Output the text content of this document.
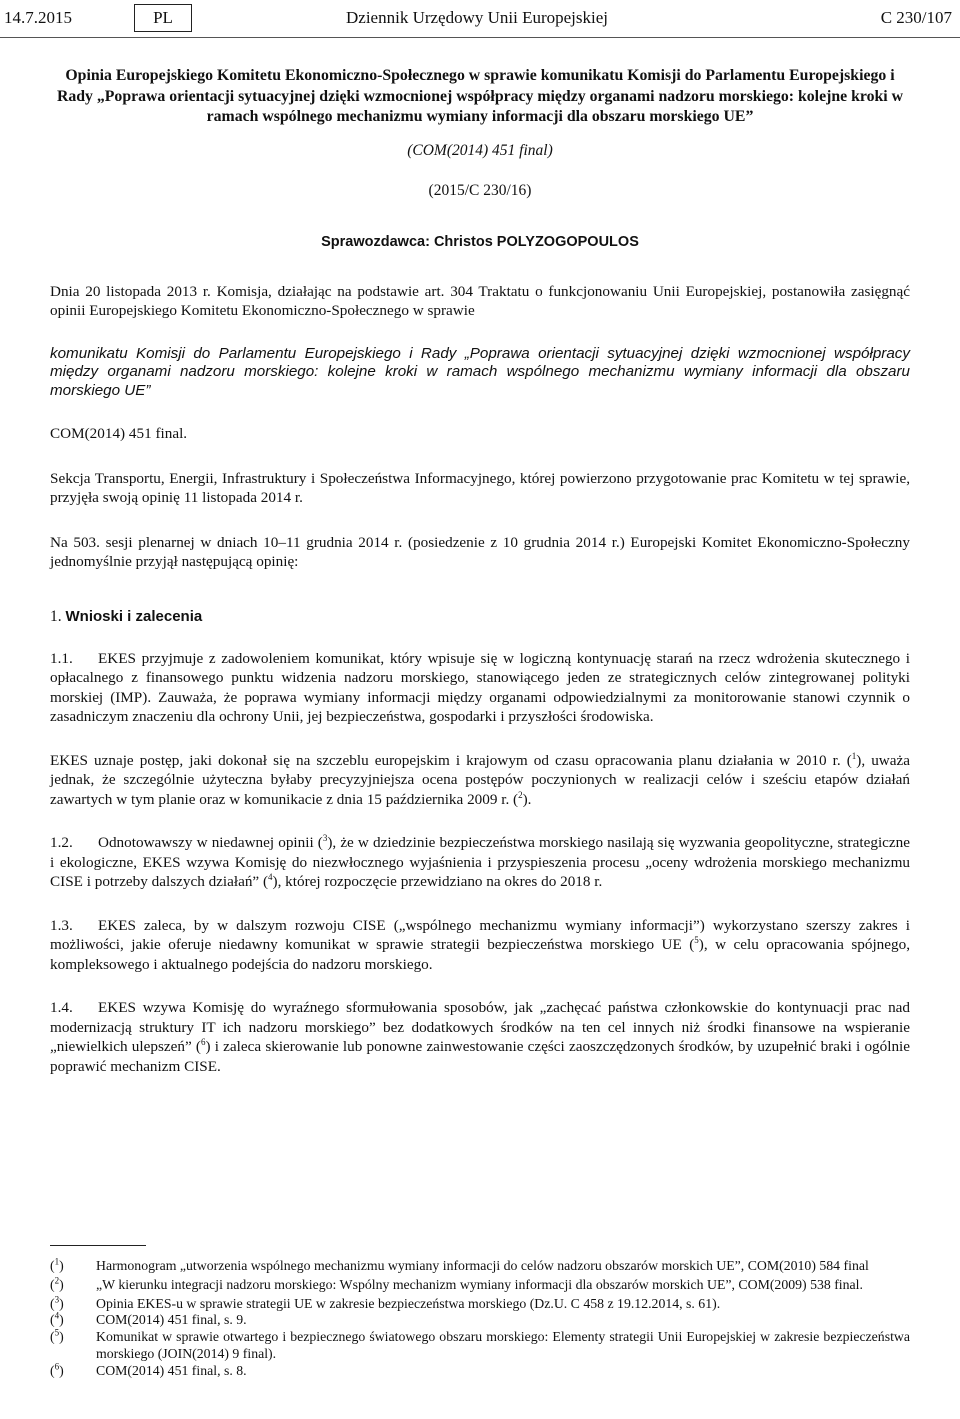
14.7.2015	PL	Dziennik Urzędowy Unii Europejskiej	C 230/107

Opinia Europejskiego Komitetu Ekonomiczno-Społecznego w sprawie komunikatu Komisji do Parlamentu Europejskiego i Rady „Poprawa orientacji sytuacyjnej dzięki wzmocnionej współpracy między organami nadzoru morskiego: kolejne kroki w ramach wspólnego mechanizmu wymiany informacji dla obszaru morskiego UE”

(COM(2014) 451 final)

(2015/C 230/16)

Sprawozdawca: Christos POLYZOGOPOULOS

Dnia 20 listopada 2013 r. Komisja, działając na podstawie art. 304 Traktatu o funkcjonowaniu Unii Europejskiej, postanowiła zasięgnąć opinii Europejskiego Komitetu Ekonomiczno-Społecznego w sprawie

komunikatu Komisji do Parlamentu Europejskiego i Rady „Poprawa orientacji sytuacyjnej dzięki wzmocnionej współpracy między organami nadzoru morskiego: kolejne kroki w ramach wspólnego mechanizmu wymiany informacji dla obszaru morskiego UE”

COM(2014) 451 final.

Sekcja Transportu, Energii, Infrastruktury i Społeczeństwa Informacyjnego, której powierzono przygotowanie prac Komitetu w tej sprawie, przyjęła swoją opinię 11 listopada 2014 r.

Na 503. sesji plenarnej w dniach 10–11 grudnia 2014 r. (posiedzenie z 10 grudnia 2014 r.) Europejski Komitet Ekonomiczno-Społeczny jednomyślnie przyjął następującą opinię:

1. Wnioski i zalecenia

1.1. EKES przyjmuje z zadowoleniem komunikat, który wpisuje się w logiczną kontynuację starań na rzecz wdrożenia skutecznego i opłacalnego z finansowego punktu widzenia nadzoru morskiego, stanowiącego jeden ze strategicznych celów zintegrowanej polityki morskiej (IMP). Zauważa, że poprawa wymiany informacji między organami odpowiedzialnymi za monitorowanie stanowi czynnik o zasadniczym znaczeniu dla ochrony Unii, jej bezpieczeństwa, gospodarki i przyszłości środowiska.

EKES uznaje postęp, jaki dokonał się na szczeblu europejskim i krajowym od czasu opracowania planu działania w 2010 r. ($^1$), uważa jednak, że szczególnie użyteczna byłaby precyzyjniejsza ocena postępów poczynionych w realizacji celów i sześciu etapów działań zawartych w tym planie oraz w komunikacie z dnia 15 października 2009 r. ($^2$).

1.2. Odnotowawszy w niedawnej opinii ($^3$), że w dziedzinie bezpieczeństwa morskiego nasilają się wyzwania geopolityczne, strategiczne i ekologiczne, EKES wzywa Komisję do niezwłocznego wyjaśnienia i przyspieszenia procesu „oceny wdrożenia morskiego mechanizmu CISE i potrzeby dalszych działań” ($^4$), której rozpoczęcie przewidziano na okres do 2018 r.

1.3. EKES zaleca, by w dalszym rozwoju CISE („wspólnego mechanizmu wymiany informacji”) wykorzystano szerszy zakres i możliwości, jakie oferuje niedawny komunikat w sprawie strategii bezpieczeństwa morskiego UE ($^5$), w celu opracowania spójnego, kompleksowego i aktualnego podejścia do nadzoru morskiego.

1.4. EKES wzywa Komisję do wyraźnego sformułowania sposobów, jak „zachęcać państwa członkowskie do kontynuacji prac nad modernizacją struktury IT ich nadzoru morskiego” bez dodatkowych środków na ten cel innych niż środki finansowe na wspieranie „niewielkich ulepszeń” ($^6$) i zaleca skierowanie lub ponowne zainwestowanie części zaoszczędzonych środków, by uzupełnić braki i ogólnie poprawić mechanizm CISE.

($^1$)	Harmonogram „utworzenia wspólnego mechanizmu wymiany informacji do celów nadzoru obszarów morskich UE”, COM(2010) 584 final
($^2$)	„W kierunku integracji nadzoru morskiego: Wspólny mechanizm wymiany informacji dla obszarów morskich UE”, COM(2009) 538 final.
($^3$)	Opinia EKES-u w sprawie strategii UE w zakresie bezpieczeństwa morskiego (Dz.U. C 458 z 19.12.2014, s. 61).
($^4$)	COM(2014) 451 final, s. 9.
($^5$)	Komunikat w sprawie otwartego i bezpiecznego światowego obszaru morskiego: Elementy strategii Unii Europejskiej w zakresie bezpieczeństwa morskiego (JOIN(2014) 9 final).
($^6$)	COM(2014) 451 final, s. 8.
